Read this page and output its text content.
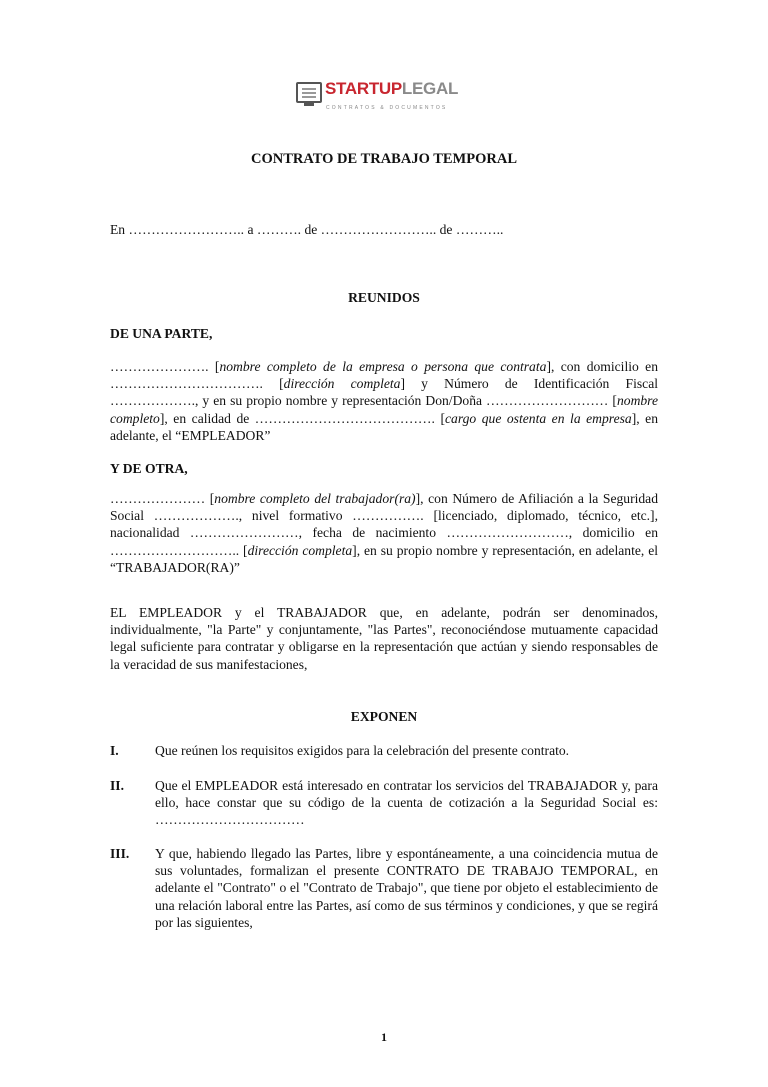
STARTUPLEGAL
CONTRATOS & DOCUMENTOS
CONTRATO DE TRABAJO TEMPORAL
En …………………….. a ………. de …………………….. de ………..
REUNIDOS
DE UNA PARTE,
…………………. [nombre completo de la empresa o persona que contrata], con domicilio en ……………………………. [dirección completa] y Número de Identificación Fiscal ………………., y en su propio nombre y representación Don/Doña ……………………… [nombre completo], en calidad de …………………………………. [cargo que ostenta en la empresa], en adelante, el “EMPLEADOR”
Y DE OTRA,
………………… [nombre completo del trabajador(ra)], con Número de Afiliación a la Seguridad Social ………………., nivel formativo ……………. [licenciado, diplomado, técnico, etc.], nacionalidad ……………………, fecha de nacimiento ………………………, domicilio en ……………………….. [dirección completa], en su propio nombre y representación, en adelante, el “TRABAJADOR(RA)”
EL EMPLEADOR y el TRABAJADOR que, en adelante, podrán ser denominados, individualmente, "la Parte" y conjuntamente, "las Partes", reconociéndose mutuamente capacidad legal suficiente para contratar y obligarse en la representación que actúan y siendo responsables de la veracidad de sus manifestaciones,
EXPONEN
I.	Que reúnen los requisitos exigidos para la celebración del presente contrato.
II. Que el EMPLEADOR está interesado en contratar los servicios del TRABAJADOR y, para ello, hace constar que su código de la cuenta de cotización a la Seguridad Social es: ……………………………
III. Y que, habiendo llegado las Partes, libre y espontáneamente, a una coincidencia mutua de sus voluntades, formalizan el presente CONTRATO DE TRABAJO TEMPORAL, en adelante el "Contrato" o el "Contrato de Trabajo", que tiene por objeto el establecimiento de una relación laboral entre las Partes, así como de sus términos y condiciones, y que se regirá por las siguientes,
1
